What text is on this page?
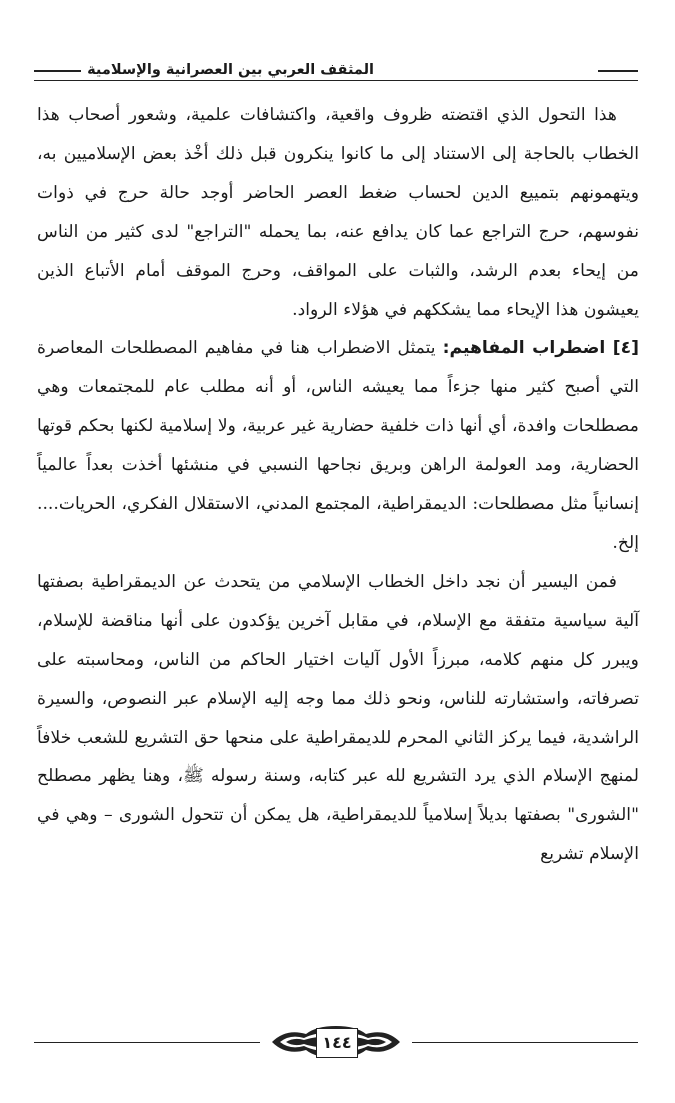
المثقف العربي بين العصرانية والإسلامية

هذا التحول الذي اقتضته ظروف واقعية، واكتشافات علمية، وشعور أصحاب هذا الخطاب بالحاجة إلى الاستناد إلى ما كانوا ينكرون قبل ذلك أخْذ بعض الإسلاميين به، ويتهمونهم بتمييع الدين لحساب ضغط العصر الحاضر أوجد حالة حرج في ذوات نفوسهم، حرج التراجع عما كان يدافع عنه، بما يحمله "التراجع" لدى كثير من الناس من إيحاء بعدم الرشد، والثبات على المواقف، وحرج الموقف أمام الأتباع الذين يعيشون هذا الإيحاء مما يشككهم في هؤلاء الرواد.

[٤] اضطراب المفاهيم: يتمثل الاضطراب هنا في مفاهيم المصطلحات المعاصرة التي أصبح كثير منها جزءاً مما يعيشه الناس، أو أنه مطلب عام للمجتمعات وهي مصطلحات وافدة، أي أنها ذات خلفية حضارية غير عربية، ولا إسلامية لكنها بحكم قوتها الحضارية، ومد العولمة الراهن وبريق نجاحها النسبي في منشئها أخذت بعداً عالمياً إنسانياً مثل مصطلحات: الديمقراطية، المجتمع المدني، الاستقلال الفكري، الحريات.... إلخ.

فمن اليسير أن نجد داخل الخطاب الإسلامي من يتحدث عن الديمقراطية بصفتها آلية سياسية متفقة مع الإسلام، في مقابل آخرين يؤكدون على أنها مناقضة للإسلام، ويبرر كل منهم كلامه، مبرزاً الأول آليات اختيار الحاكم من الناس، ومحاسبته على تصرفاته، واستشارته للناس، ونحو ذلك مما وجه إليه الإسلام عبر النصوص، والسيرة الراشدية، فيما يركز الثاني المحرم للديمقراطية على منحها حق التشريع للشعب خلافاً لمنهج الإسلام الذي يرد التشريع لله عبر كتابه، وسنة رسوله ﷺ، وهنا يظهر مصطلح "الشورى" بصفتها بديلاً إسلامياً للديمقراطية، هل يمكن أن تتحول الشورى – وهي في الإسلام تشريع

١٤٤
